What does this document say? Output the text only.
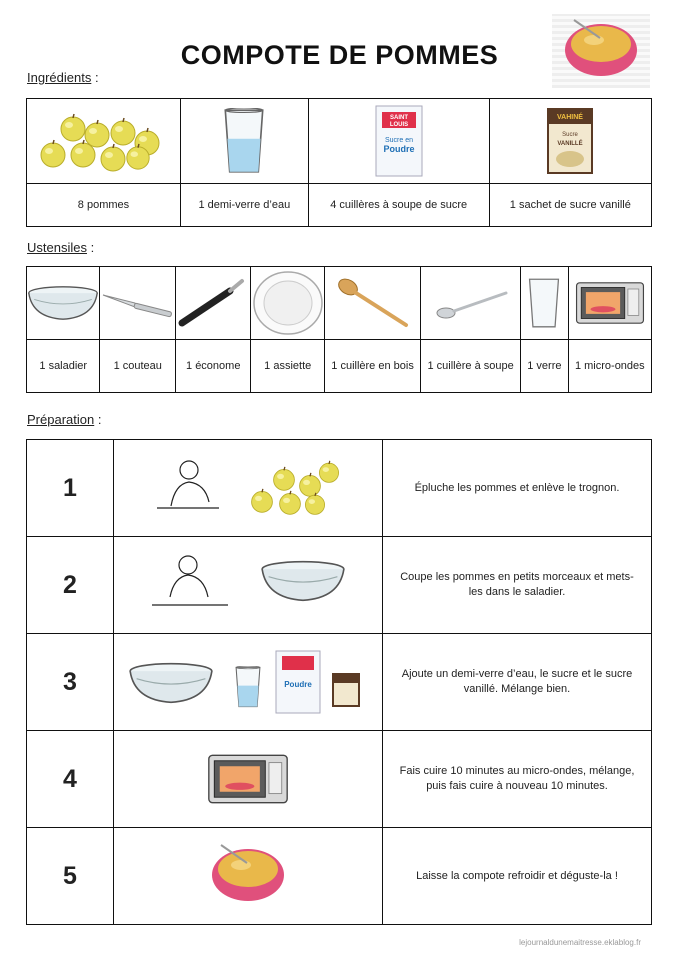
COMPOTE DE POMMES
Ingrédients :

SAINT
LOUIS
Sucre en
Poudre	VAHINÉ
Sucre
VANILLÉ

8 pommes	1 demi-verre d’eau	4 cuillères à soupe de sucre	1 sachet de sucre vanillé
Ustensiles :

1 saladier	1 couteau	1 économe	1 assiette	1 cuillère en bois	1 cuillère à soupe	1 verre	1 micro-ondes
Préparation :
1		Épluche les pommes et enlève le trognon.
2		Coupe les pommes en petits morceaux et mets-les dans le saladier.
3	Poudre	Ajoute un demi-verre d’eau, le sucre et le sucre vanillé. Mélange bien.
4		Fais cuire 10 minutes au micro-ondes, mélange, puis fais cuire à nouveau 10 minutes.
5		Laisse la compote refroidir et déguste-la !
lejournaldunemaitresse.eklablog.fr
